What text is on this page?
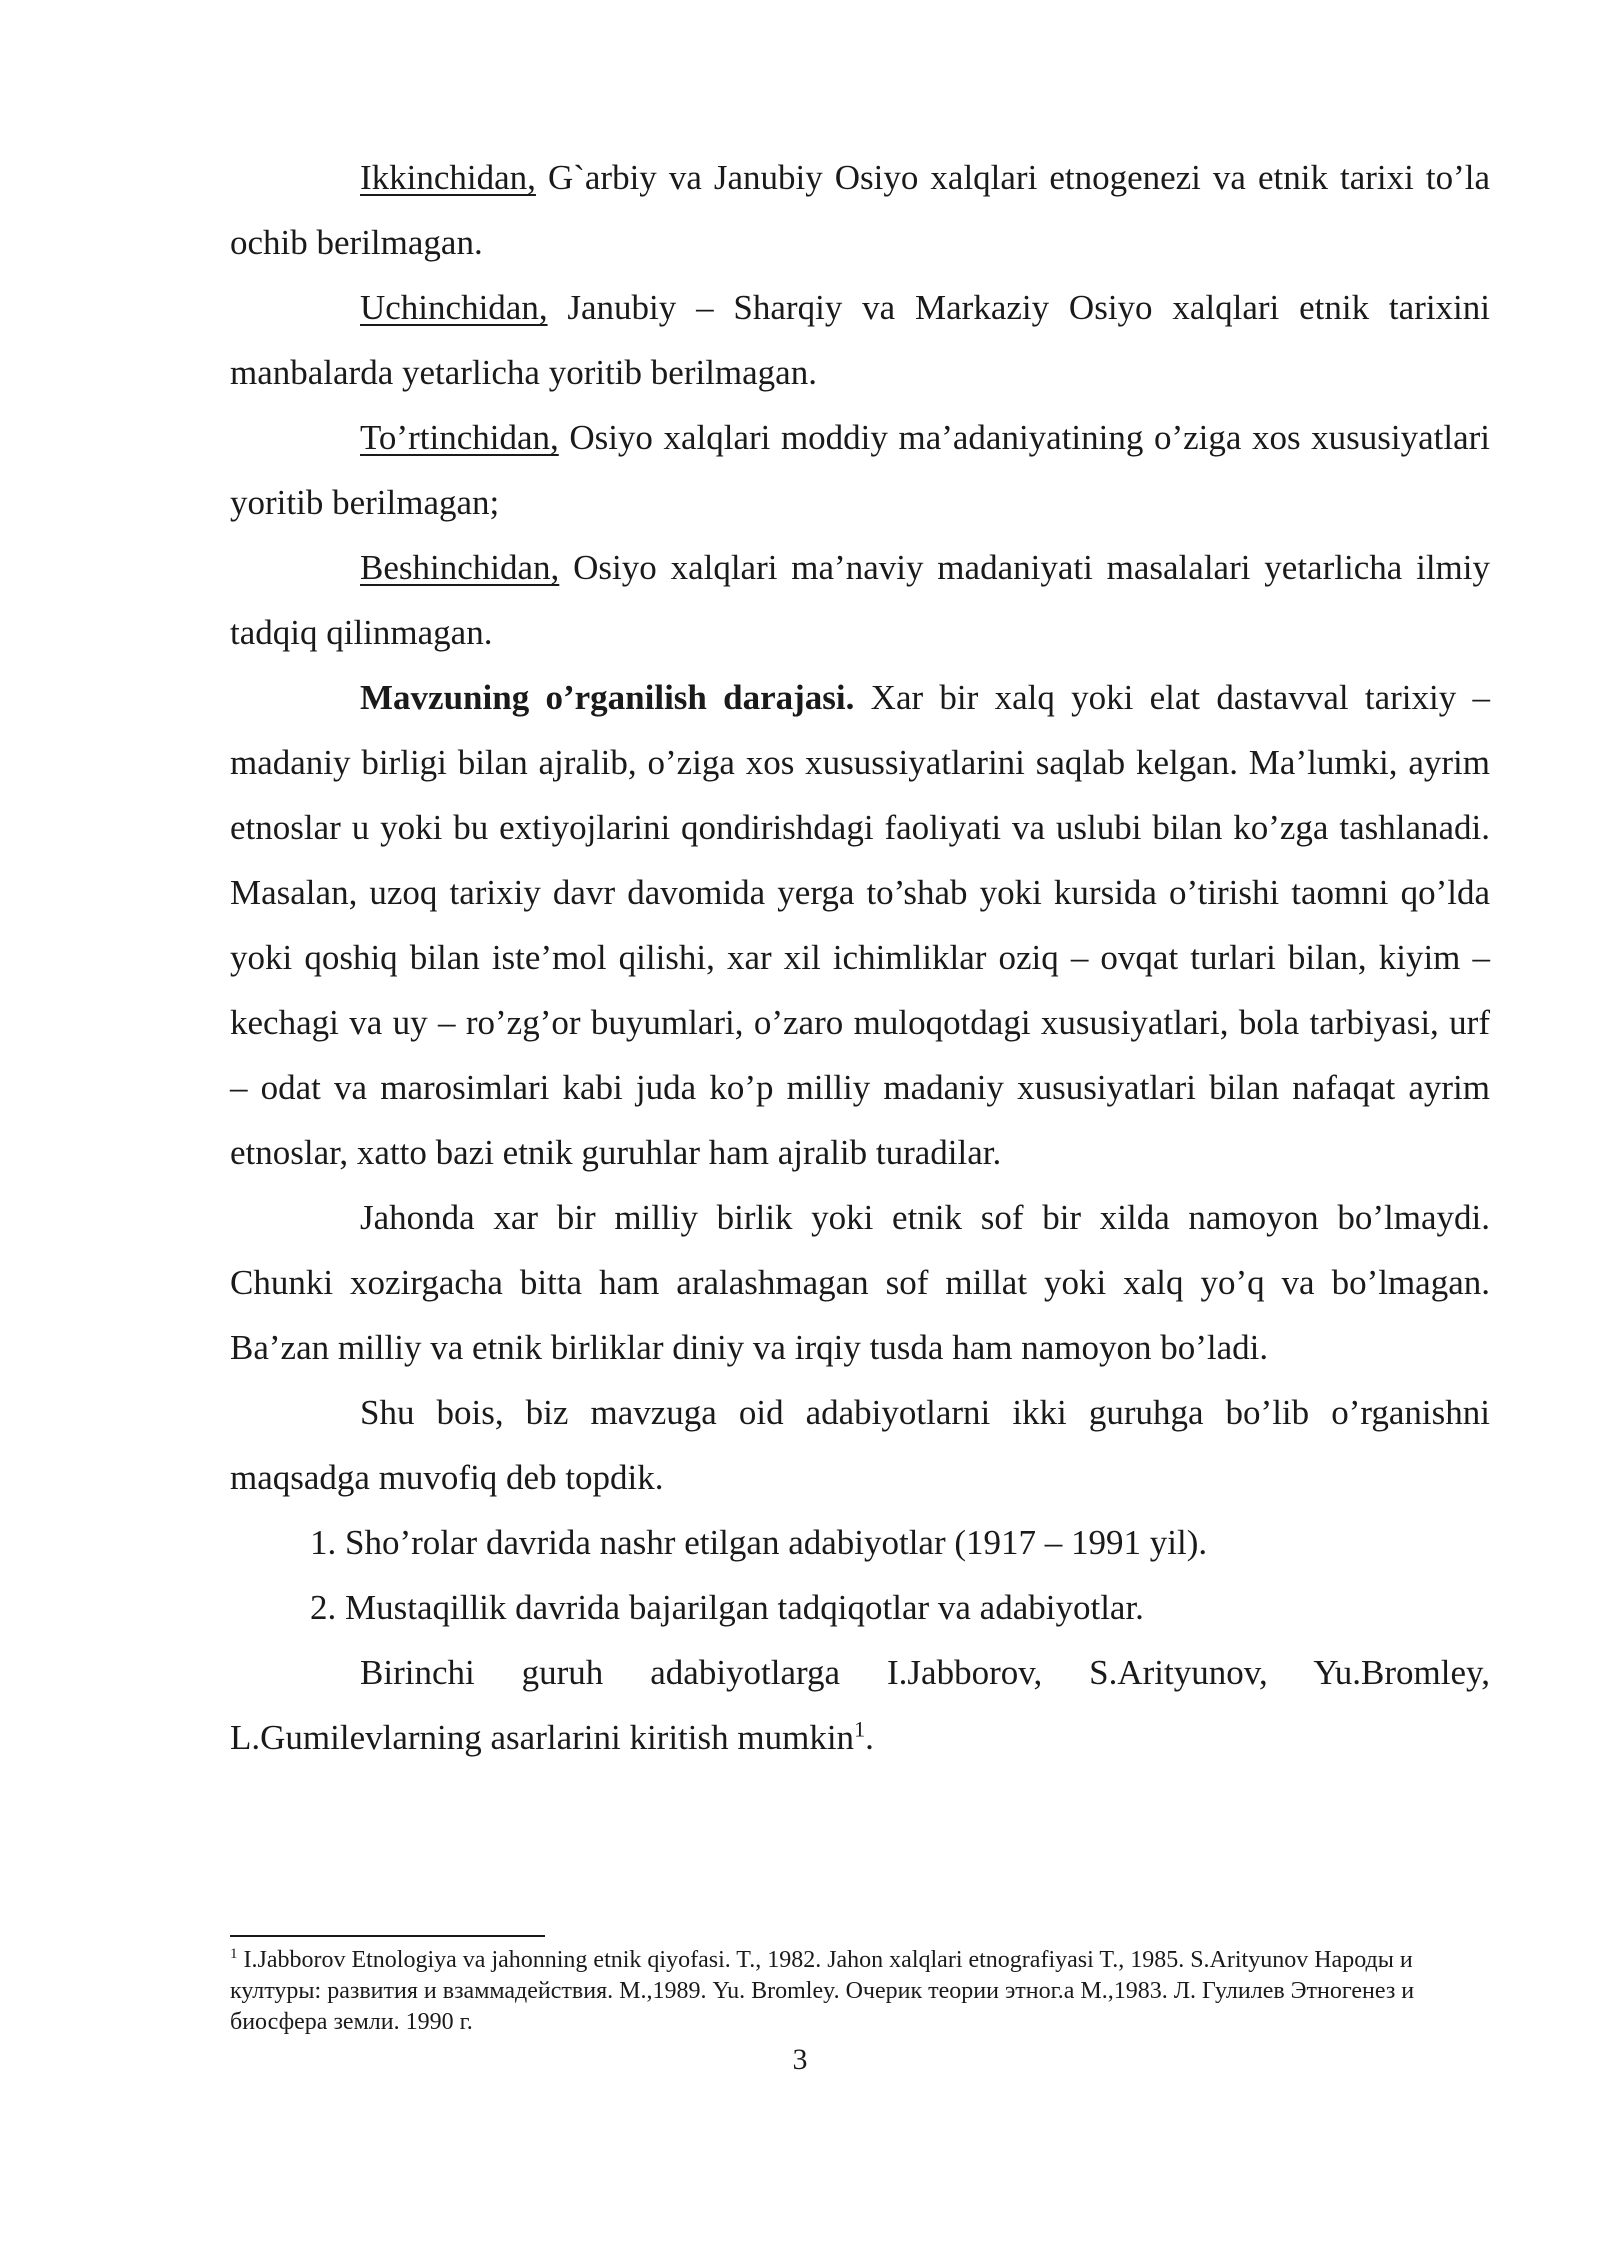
Ikkinchidan, G`arbiy va Janubiy Osiyo xalqlari etnogenezi va etnik tarixi to’la ochib berilmagan.

Uchinchidan, Janubiy – Sharqiy va Markaziy Osiyo xalqlari etnik tarixini manbalarda yetarlicha yoritib berilmagan.

To’rtinchidan, Osiyo xalqlari moddiy ma’adaniyatining o’ziga xos xususiyatlari yoritib berilmagan;

Beshinchidan, Osiyo xalqlari ma’naviy madaniyati masalalari yetarlicha ilmiy tadqiq qilinmagan.

Mavzuning o’rganilish darajasi. Xar bir xalq yoki elat dastavval tarixiy – madaniy birligi bilan ajralib, o’ziga xos xusussiyatlarini saqlab kelgan. Ma’lumki, ayrim etnoslar u yoki bu extiyojlarini qondirishdagi faoliyati va uslubi bilan ko’zga tashlanadi. Masalan, uzoq tarixiy davr davomida yerga to’shab yoki kursida o’tirishi taomni qo’lda yoki qoshiq bilan iste’mol qilishi, xar xil ichimliklar oziq – ovqat turlari bilan, kiyim – kechagi va uy – ro’zg’or buyumlari, o’zaro muloqotdagi xususiyatlari, bola tarbiyasi, urf – odat va marosimlari kabi juda ko’p milliy madaniy xususiyatlari bilan nafaqat ayrim etnoslar, xatto bazi etnik guruhlar ham ajralib turadilar.

Jahonda xar bir milliy birlik yoki etnik sof bir xilda namoyon bo’lmaydi. Chunki xozirgacha bitta ham aralashmagan sof millat yoki xalq yo’q va bo’lmagan. Ba’zan milliy va etnik birliklar diniy va irqiy tusda ham namoyon bo’ladi.

Shu bois, biz mavzuga oid adabiyotlarni ikki guruhga bo’lib o’rganishni maqsadga muvofiq deb topdik.

1. Sho’rolar davrida nashr etilgan adabiyotlar (1917 – 1991 yil).

2. Mustaqillik davrida bajarilgan tadqiqotlar va adabiyotlar.

Birinchi guruh adabiyotlarga I.Jabborov, S.Arityunov, Yu.Bromley, L.Gumilevlarning asarlarini kiritish mumkin$^1$.

$^1$ I.Jabborov Etnologiya va jahonning etnik qiyofasi. T., 1982. Jahon xalqlari etnografiyasi T., 1985. S.Arityunov Народы и културы: развития и взаммадействия. М.,1989. Yu. Bromley. Очерик теории этног.а М.,1983. Л. Гулилев Этногенез и биосфера земли. 1990 г.

3
